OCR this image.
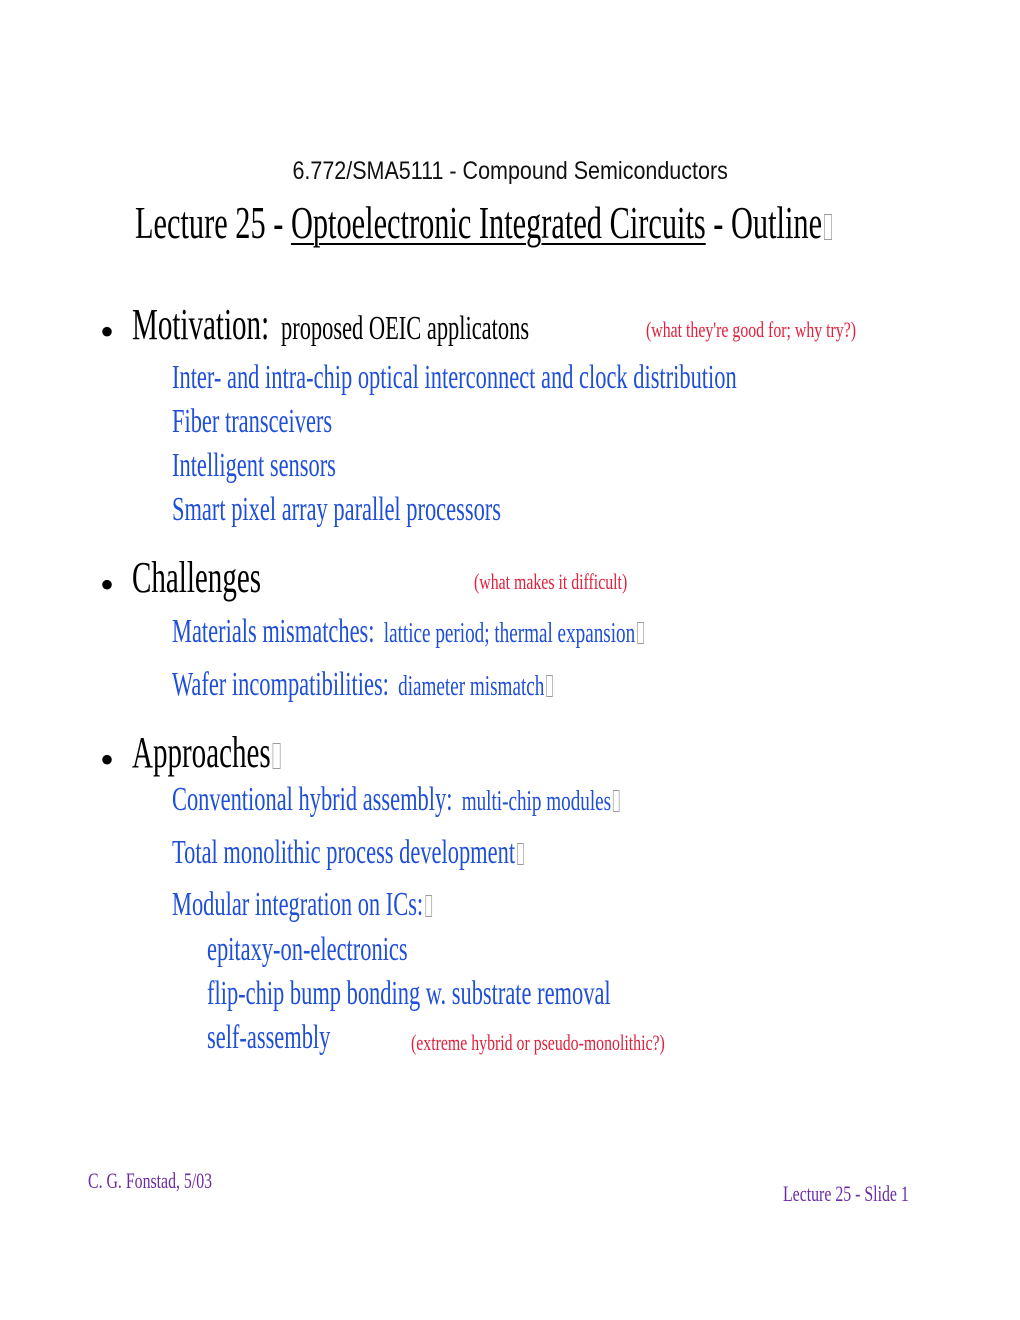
6.772/SMA5111 - Compound Semiconductors
Lecture 25 - Optoelectronic Integrated Circuits - Outline
• Motivation: proposed OEIC applicatons	(what they're good for; why try?)
Inter- and intra-chip optical interconnect and clock distribution
Fiber transceivers
Intelligent sensors
Smart pixel array parallel processors
• Challenges	(what makes it difficult)
Materials mismatches: lattice period; thermal expansion
Wafer incompatibilities: diameter mismatch
• Approaches
Conventional hybrid assembly: multi-chip modules
Total monolithic process development
Modular integration on ICs:
epitaxy-on-electronics
flip-chip bump bonding w. substrate removal
self-assembly	(extreme hybrid or pseudo-monolithic?)
C. G. Fonstad, 5/03
Lecture 25 - Slide 1
